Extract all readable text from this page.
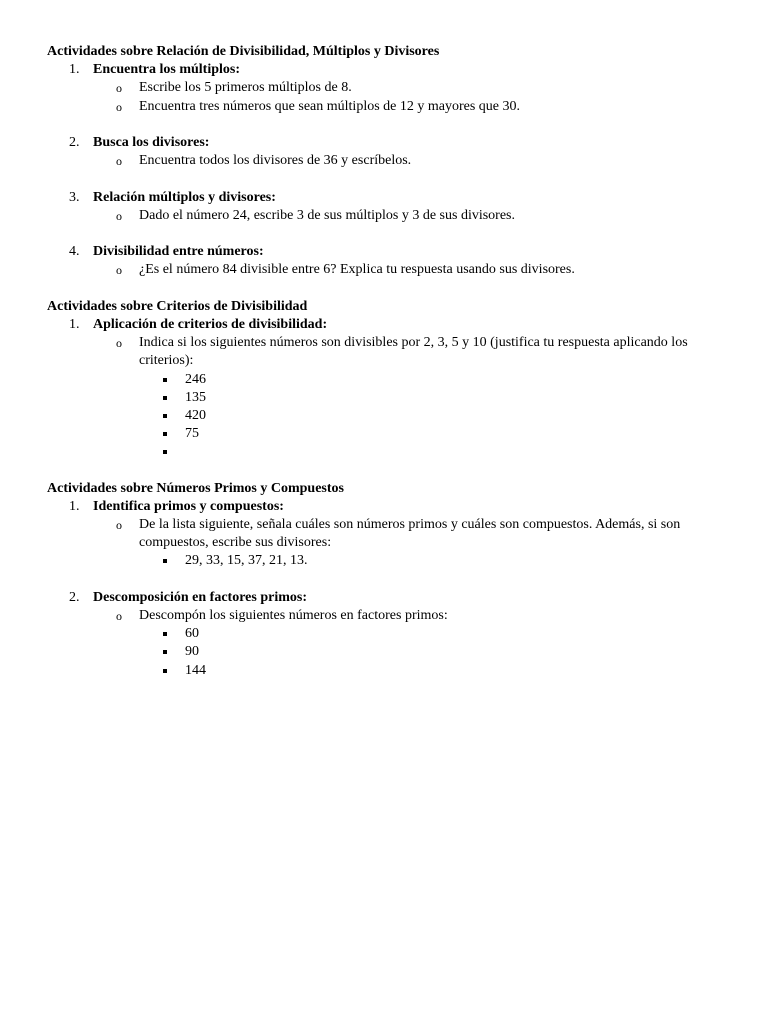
Actividades sobre Relación de Divisibilidad, Múltiplos y Divisores
1. Encuentra los múltiplos:
o Escribe los 5 primeros múltiplos de 8.
o Encuentra tres números que sean múltiplos de 12 y mayores que 30.
2. Busca los divisores:
o Encuentra todos los divisores de 36 y escríbelos.
3. Relación múltiplos y divisores:
o Dado el número 24, escribe 3 de sus múltiplos y 3 de sus divisores.
4. Divisibilidad entre números:
o ¿Es el número 84 divisible entre 6? Explica tu respuesta usando sus divisores.
Actividades sobre Criterios de Divisibilidad
1. Aplicación de criterios de divisibilidad:
o Indica si los siguientes números son divisibles por 2, 3, 5 y 10 (justifica tu respuesta aplicando los criterios):
246
135
420
75
Actividades sobre Números Primos y Compuestos
1. Identifica primos y compuestos:
o De la lista siguiente, señala cuáles son números primos y cuáles son compuestos. Además, si son compuestos, escribe sus divisores:
29, 33, 15, 37, 21, 13.
2. Descomposición en factores primos:
o Descompón los siguientes números en factores primos:
60
90
144
